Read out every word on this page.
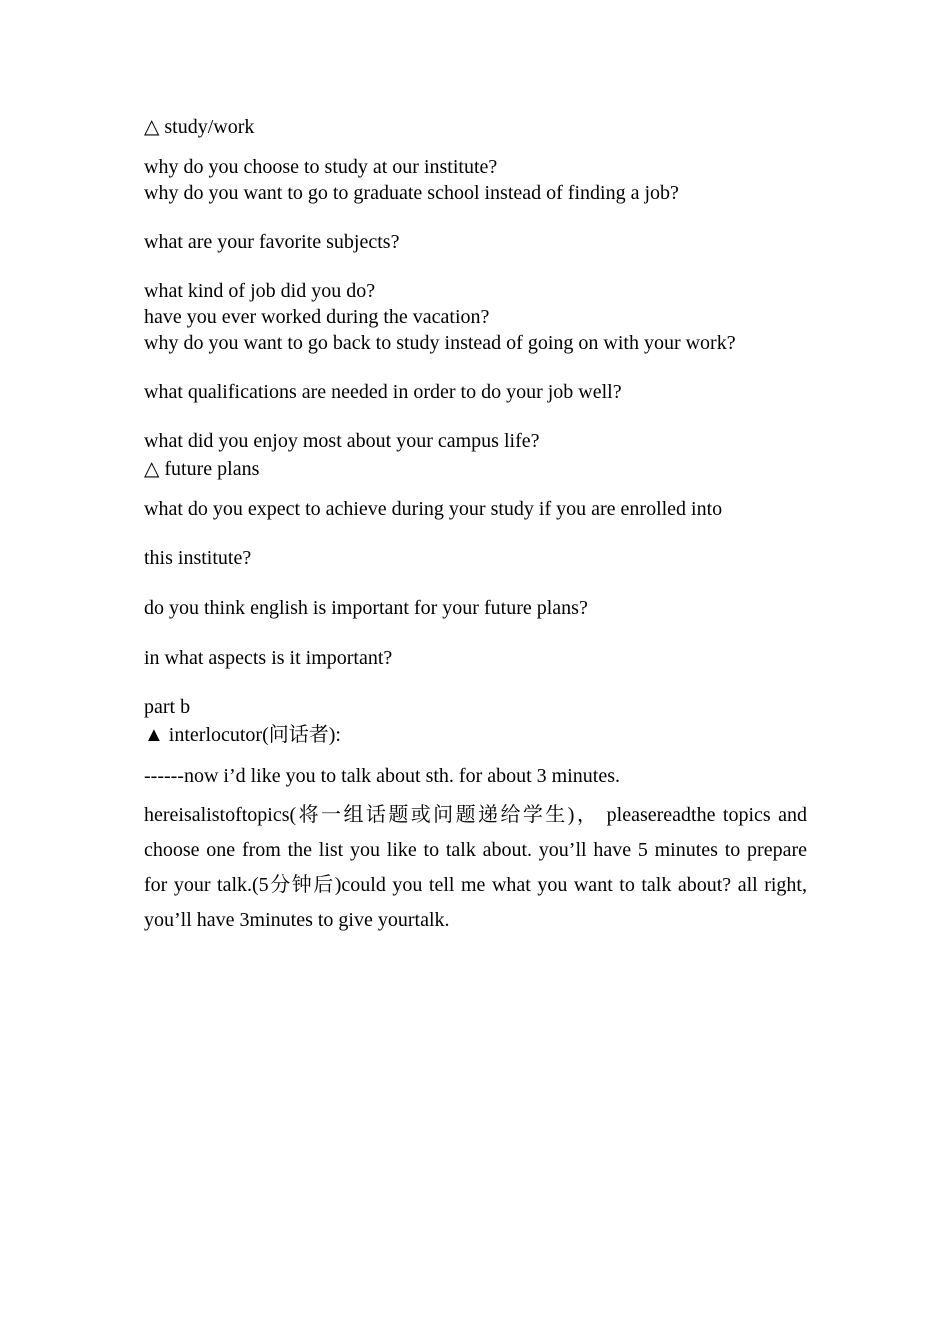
△ study/work
why do you choose to study at our institute?
why do you want to go to graduate school instead of finding a job?
what are your favorite subjects?
what kind of job did you do?
have you ever worked during the vacation?
why do you want to go back to study instead of going on with your work?
what qualifications are needed in order to do your job well?
what did you enjoy most about your campus life?
△ future plans
what do you expect to achieve during your study if you are enrolled into
this institute?
do you think english is important for your future plans?
in what aspects is it important?
part b
▲ interlocutor(问话者):
------now i’d like you to talk about sth. for about 3 minutes.
hereisalistoftopics(将一组话题或问题递给学生)， pleasereadthe topics and choose one from the list you like to talk about. you’ll have 5 minutes to prepare for your talk.(5分钟后)could you tell me what you want to talk about? all right, you’ll have 3minutes to give yourtalk.
